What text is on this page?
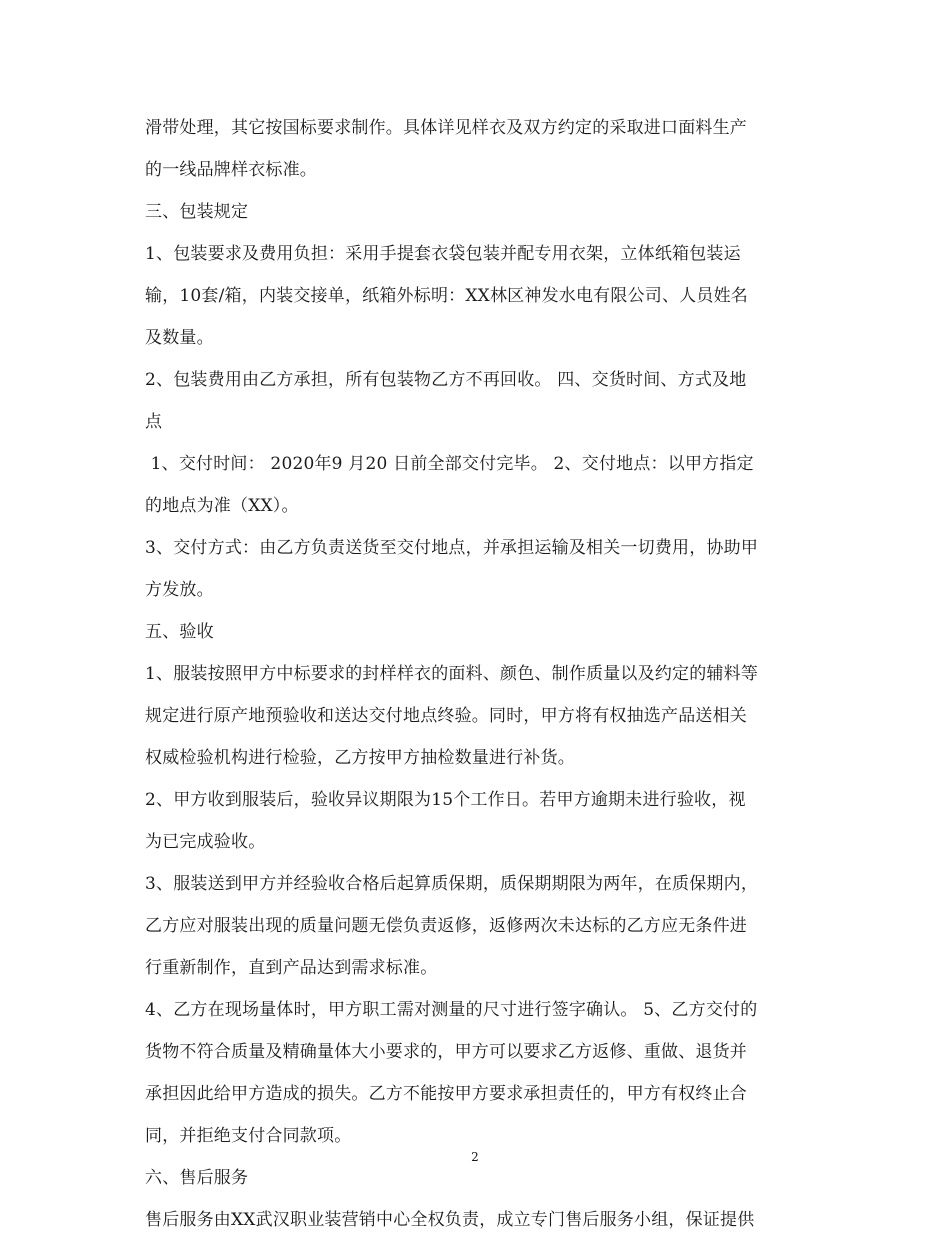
滑带处理，其它按国标要求制作。具体详见样衣及双方约定的采取进口面料生产
的一线品牌样衣标准。
三、包装规定
1、包装要求及费用负担：采用手提套衣袋包装并配专用衣架，立体纸箱包装运
输，10套/箱，内装交接单，纸箱外标明：XX林区神发水电有限公司、人员姓名
及数量。
2、包装费用由乙方承担，所有包装物乙方不再回收。 四、交货时间、方式及地
点
1、交付时间： 2020年9 月20 日前全部交付完毕。 2、交付地点：以甲方指定
的地点为准（XX）。
3、交付方式：由乙方负责送货至交付地点，并承担运输及相关一切费用，协助甲
方发放。
五、验收
1、服装按照甲方中标要求的封样样衣的面料、颜色、制作质量以及约定的辅料等
规定进行原产地预验收和送达交付地点终验。同时，甲方将有权抽选产品送相关
权威检验机构进行检验，乙方按甲方抽检数量进行补货。
2、甲方收到服装后，验收异议期限为15个工作日。若甲方逾期未进行验收，视
为已完成验收。
3、服装送到甲方并经验收合格后起算质保期，质保期期限为两年，在质保期内，
乙方应对服装出现的质量问题无偿负责返修，返修两次未达标的乙方应无条件进
行重新制作，直到产品达到需求标准。
4、乙方在现场量体时，甲方职工需对测量的尺寸进行签字确认。 5、乙方交付的
货物不符合质量及精确量体大小要求的，甲方可以要求乙方返修、重做、退货并
承担因此给甲方造成的损失。乙方不能按甲方要求承担责任的，甲方有权终止合
同，并拒绝支付合同款项。
六、售后服务
售后服务由XX武汉职业装营销中心全权负责，成立专门售后服务小组，保证提供
2
